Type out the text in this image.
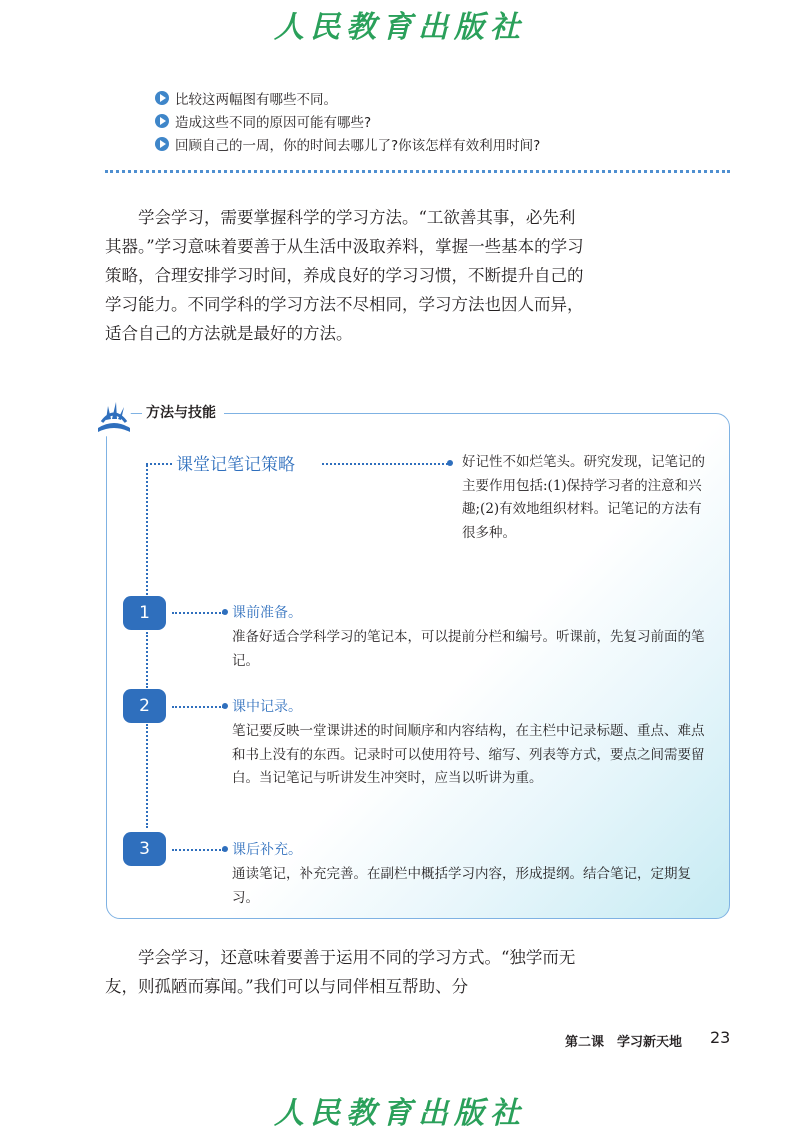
人民教育出版社
比较这两幅图有哪些不同。
造成这些不同的原因可能有哪些?
回顾自己的一周，你的时间去哪儿了?你该怎样有效利用时间?

学会学习，需要掌握科学的学习方法。“工欲善其事，必先利其器。”学习意味着要善于从生活中汲取养料，掌握一些基本的学习策略，合理安排学习时间，养成良好的学习习惯，不断提升自己的学习能力。不同学科的学习方法不尽相同，学习方法也因人而异，适合自己的方法就是最好的方法。

方法与技能
课堂记笔记策略	好记性不如烂笔头。研究发现，记笔记的主要作用包括:(1)保持学习者的注意和兴趣;(2)有效地组织材料。记笔记的方法有很多种。
1	课前准备。
准备好适合学科学习的笔记本，可以提前分栏和编号。听课前，先复习前面的笔记。
2	课中记录。
笔记要反映一堂课讲述的时间顺序和内容结构，在主栏中记录标题、重点、难点和书上没有的东西。记录时可以使用符号、缩写、列表等方式，要点之间需要留白。当记笔记与听讲发生冲突时，应当以听讲为重。
3	课后补充。
通读笔记，补充完善。在副栏中概括学习内容，形成提纲。结合笔记，定期复习。

学会学习，还意味着要善于运用不同的学习方式。“独学而无友，则孤陋而寡闻。”我们可以与同伴相互帮助、分

第二课　学习新天地 23
人民教育出版社
